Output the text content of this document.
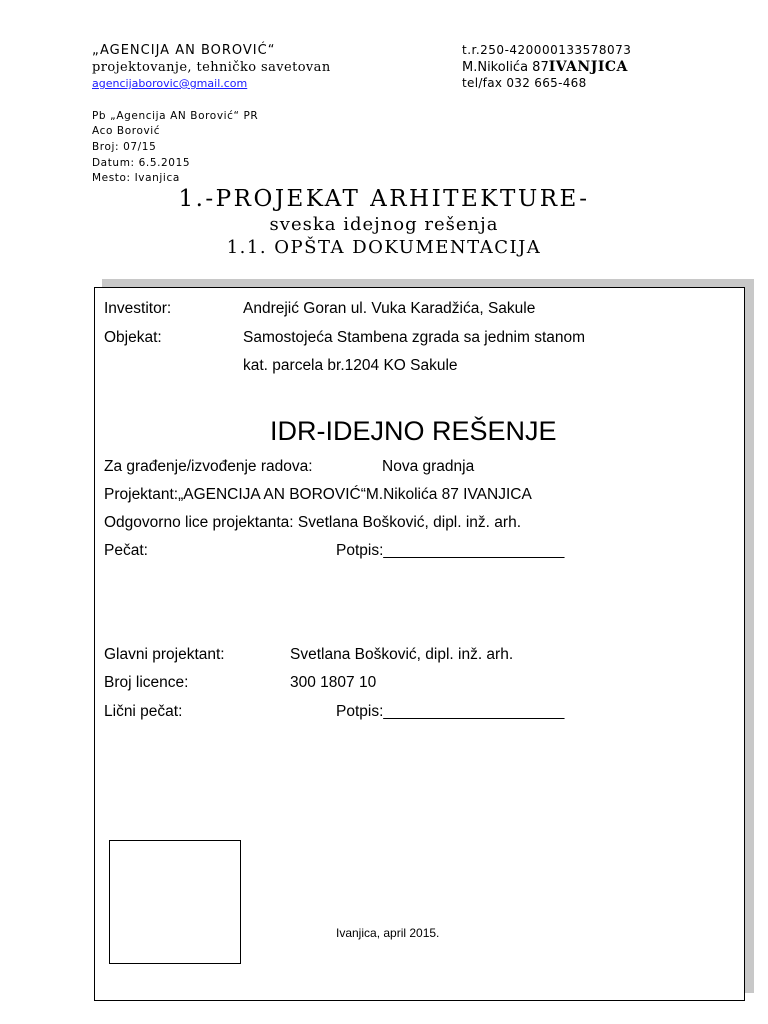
„AGENCIJA AN BOROVIĆ“
projektovanje, tehničko savetovan
agencijaborovic@gmail.com
t.r.250-420000133578073
M.Nikolića 87IVANJICA
tel/fax 032 665-468
Pb „Agencija AN Borović“ PR
Aco Borović
Broj: 07/15
Datum: 6.5.2015
Mesto: Ivanjica
1.-PROJEKAT ARHITEKTURE-
sveska idejnog rešenja
1.1. OPŠTA DOKUMENTACIJA
Investitor:	Andrejić Goran ul. Vuka Karadžića, Sakule
Objekat:	Samostojeća Stambena zgrada sa jednim stanom
kat. parcela br.1204 KO Sakule
IDR-IDEJNO REŠENJE
Za građenje/izvođenje radova:	Nova gradnja
Projektant:„AGENCIJA AN BOROVIĆ“M.Nikolića 87 IVANJICA
Odgovorno lice projektanta: Svetlana Bošković, dipl. inž. arh.
Pečat:	Potpis:_____________________
Glavni projektant:	Svetlana Bošković, dipl. inž. arh.
Broj licence:	300 1807 10
Lični pečat:	Potpis:_____________________
Ivanjica, april 2015.
